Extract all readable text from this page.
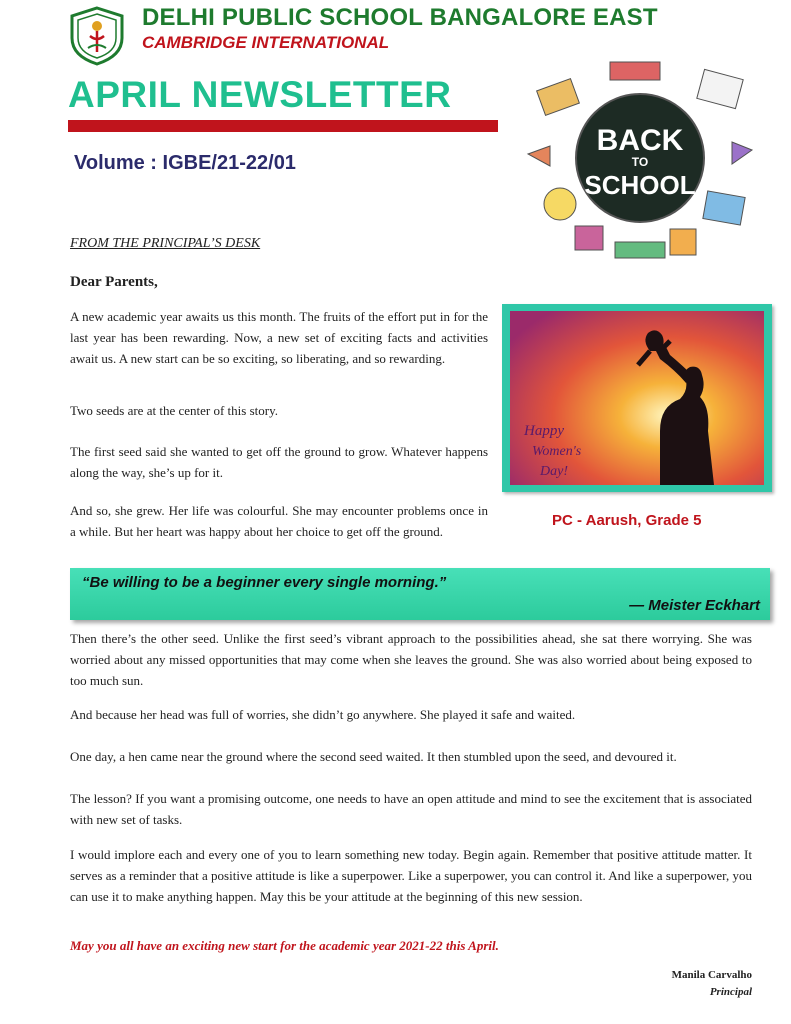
DELHI PUBLIC SCHOOL BANGALORE EAST
CAMBRIDGE INTERNATIONAL
APRIL NEWSLETTER
Volume : IGBE/21-22/01
BACK
TO
SCHOOL
FROM THE PRINCIPAL’S DESK
Dear Parents,

A new academic year awaits us this month. The fruits of the effort put in for the last year has been rewarding. Now, a new set of exciting facts and activities await us. A new start can be so exciting, so liberating, and so rewarding.

Two seeds are at the center of this story.

The first seed said she wanted to get off the ground to grow. Whatever happens along the way, she’s up for it.

And so, she grew. Her life was colourful. She may encounter problems once in a while. But her heart was happy about her choice to get off the ground.

Happy
Women's
Day!
PC - Aarush, Grade 5
“Be willing to be a beginner every single morning.”
— Meister Eckhart

Then there’s the other seed. Unlike the first seed’s vibrant approach to the possibilities ahead, she sat there worrying. She was worried about any missed opportunities that may come when she leaves the ground. She was also worried about being exposed to too much sun.

And because her head was full of worries, she didn’t go anywhere. She played it safe and waited.

One day, a hen came near the ground where the second seed waited. It then stumbled upon the seed, and devoured it.

The lesson? If you want a promising outcome, one needs to have an open attitude and mind to see the excitement that is associated with new set of tasks.

I would implore each and every one of you to learn something new today. Begin again. Remember that positive attitude matter. It serves as a reminder that a positive attitude is like a superpower. Like a superpower, you can control it. And like a superpower, you can use it to make anything happen. May this be your attitude at the beginning of this new session.

May you all have an exciting new start for the academic year 2021-22 this April.
Manila Carvalho
Principal
